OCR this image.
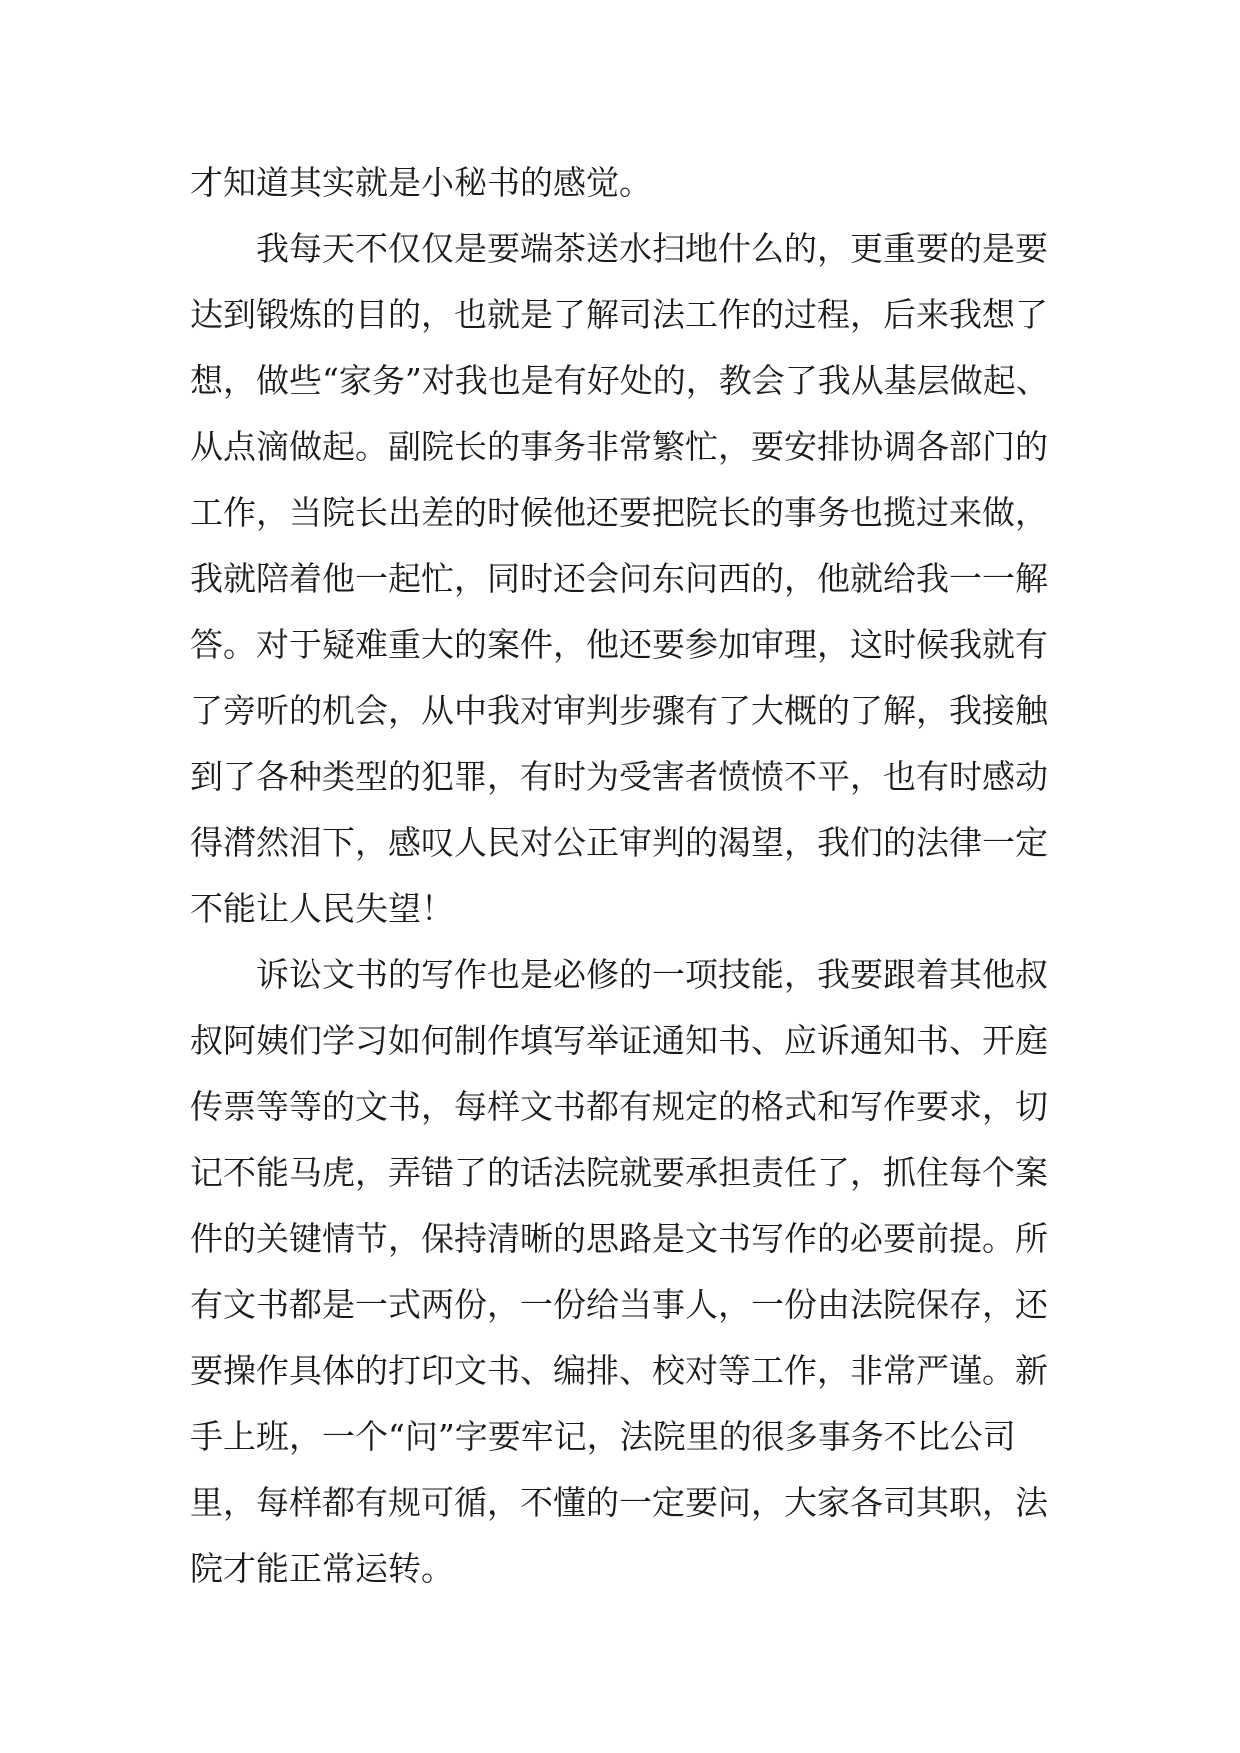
才知道其实就是小秘书的感觉。
我每天不仅仅是要端茶送水扫地什么的，更重要的是要
达到锻炼的目的，也就是了解司法工作的过程，后来我想了
想，做些“家务”对我也是有好处的，教会了我从基层做起、
从点滴做起。副院长的事务非常繁忙，要安排协调各部门的
工作，当院长出差的时候他还要把院长的事务也揽过来做，
我就陪着他一起忙，同时还会问东问西的，他就给我一一解
答。对于疑难重大的案件，他还要参加审理，这时候我就有
了旁听的机会，从中我对审判步骤有了大概的了解，我接触
到了各种类型的犯罪，有时为受害者愤愤不平，也有时感动
得潸然泪下，感叹人民对公正审判的渴望，我们的法律一定
不能让人民失望！
诉讼文书的写作也是必修的一项技能，我要跟着其他叔
叔阿姨们学习如何制作填写举证通知书、应诉通知书、开庭
传票等等的文书，每样文书都有规定的格式和写作要求，切
记不能马虎，弄错了的话法院就要承担责任了，抓住每个案
件的关键情节，保持清晰的思路是文书写作的必要前提。所
有文书都是一式两份，一份给当事人，一份由法院保存，还
要操作具体的打印文书、编排、校对等工作，非常严谨。新
手上班，一个“问”字要牢记，法院里的很多事务不比公司
里，每样都有规可循，不懂的一定要问，大家各司其职，法
院才能正常运转。
